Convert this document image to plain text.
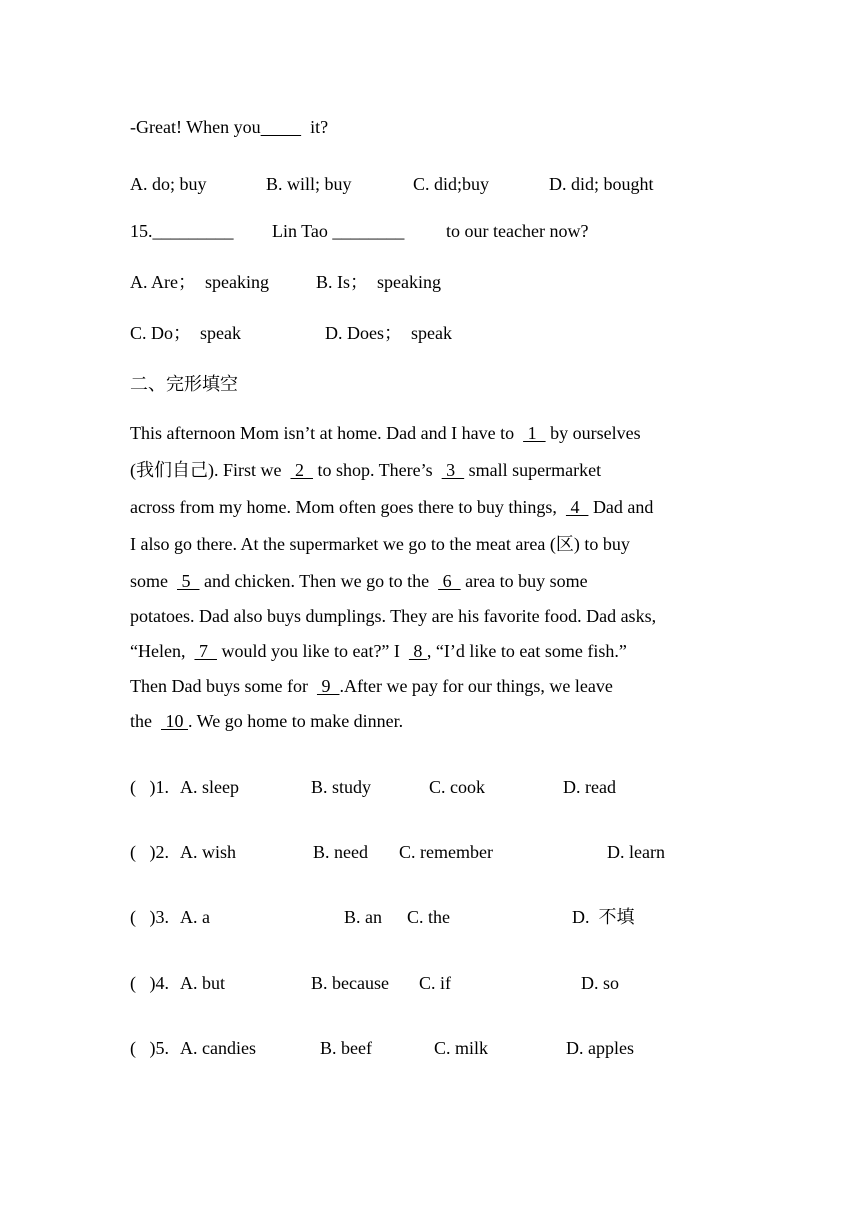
-Great! When you           it?
A. do; buy	B. will; buy	C. did;buy	D. did; bought
15._________ Lin Tao ________ to our teacher now?
A. Are；  speaking	B. Is；  speaking
C. Do；  speak	D. Does；  speak
二、完形填空
This afternoon Mom isn’t at home. Dad and I have to   1   by ourselves
(我们自己). First we   2   to shop. There’s   3   small supermarket
across from my home. Mom often goes there to buy things,   4   Dad and
I also go there. At the supermarket we go to the meat area (区) to buy
some   5   and chicken. Then we go to the   6   area to buy some
potatoes. Dad also buys dumplings. They are his favorite food. Dad asks,
“Helen,   7   would you like to eat?” I   8 , “I’d like to eat some fish.”
Then Dad buys some for   9  .After we pay for our things, we leave
the   10 . We go home to make dinner.
(   )1. A. sleep	B. study	C. cook	D. read
(   )2. A. wish	B. need C. remember	D. learn
(   )3. A. a	B. an C. the	D.  不填
(   )4. A. but	B. because C. if	D. so
(   )5. A. candies	B. beef	C. milk	D. apples
